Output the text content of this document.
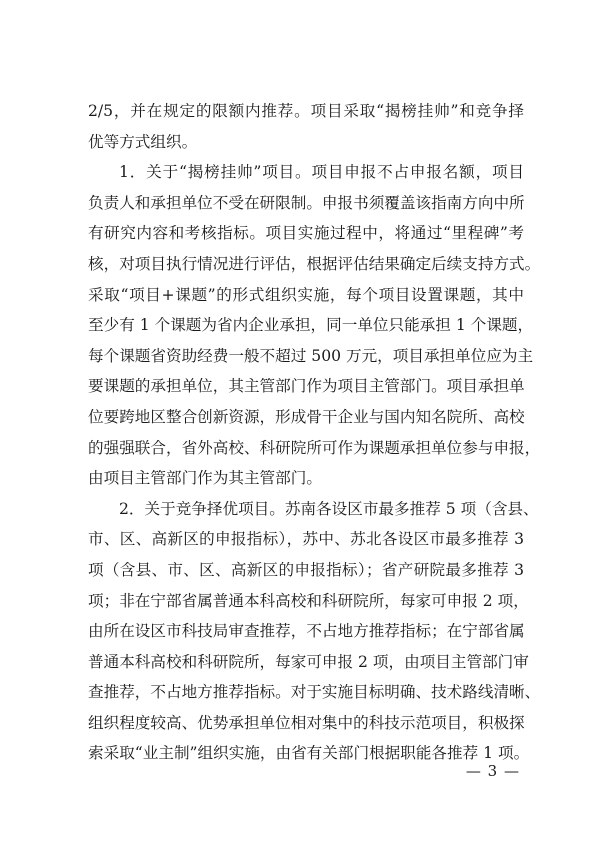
2/5，并在规定的限额内推荐。项目采取“揭榜挂帅”和竞争择
优等方式组织。
1．关于“揭榜挂帅”项目。项目申报不占申报名额，项目
负责人和承担单位不受在研限制。申报书须覆盖该指南方向中所
有研究内容和考核指标。项目实施过程中，将通过“里程碑”考
核，对项目执行情况进行评估，根据评估结果确定后续支持方式。
采取“项目+课题”的形式组织实施，每个项目设置课题，其中
至少有 1 个课题为省内企业承担，同一单位只能承担 1 个课题，
每个课题省资助经费一般不超过 500 万元，项目承担单位应为主
要课题的承担单位，其主管部门作为项目主管部门。项目承担单
位要跨地区整合创新资源，形成骨干企业与国内知名院所、高校
的强强联合，省外高校、科研院所可作为课题承担单位参与申报，
由项目主管部门作为其主管部门。
2．关于竞争择优项目。苏南各设区市最多推荐 5 项（含县、
市、区、高新区的申报指标），苏中、苏北各设区市最多推荐 3
项（含县、市、区、高新区的申报指标）；省产研院最多推荐 3
项；非在宁部省属普通本科高校和科研院所，每家可申报 2 项，
由所在设区市科技局审查推荐，不占地方推荐指标；在宁部省属
普通本科高校和科研院所，每家可申报 2 项，由项目主管部门审
查推荐，不占地方推荐指标。对于实施目标明确、技术路线清晰、
组织程度较高、优势承担单位相对集中的科技示范项目，积极探
索采取“业主制”组织实施，由省有关部门根据职能各推荐 1 项。
— 3 —
